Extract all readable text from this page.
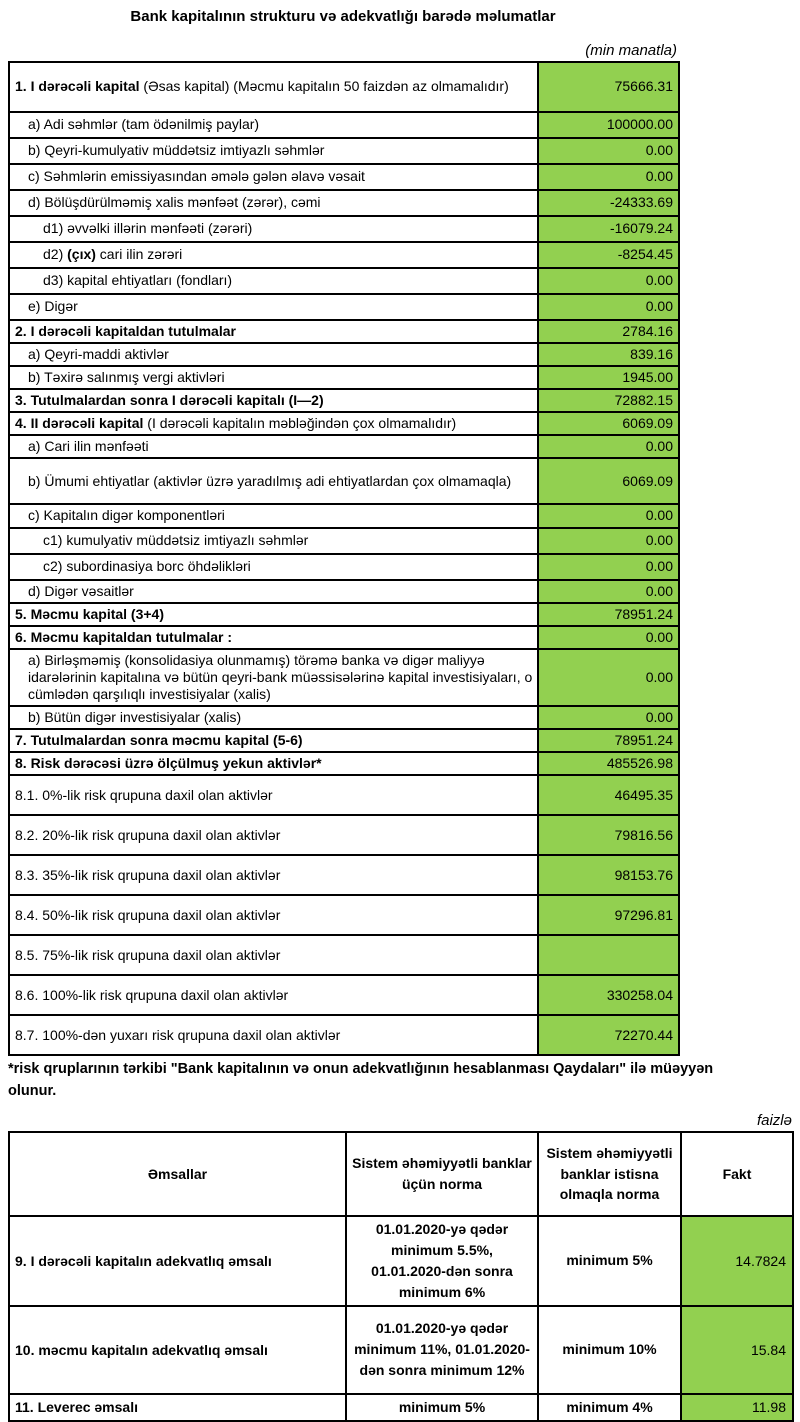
Bank kapitalının strukturu və adekvatlığı barədə məlumatlar
(min manatla)
1. I dərəcəli kapital (Əsas kapital) (Məcmu kapitalın 50 faizdən az olmamalıdır)	75666.31
a) Adi səhmlər (tam ödənilmiş paylar)	100000.00
b) Qeyri-kumulyativ müddətsiz imtiyazlı səhmlər	0.00
c) Səhmlərin emissiyasından əmələ gələn əlavə vəsait	0.00
d) Bölüşdürülməmiş xalis mənfəət (zərər), cəmi	-24333.69
d1) əvvəlki illərin mənfəəti (zərəri)	-16079.24
d2) (çıx) cari ilin zərəri	-8254.45
d3) kapital ehtiyatları (fondları)	0.00
e) Digər	0.00
2. I dərəcəli kapitaldan tutulmalar	2784.16
a) Qeyri-maddi aktivlər	839.16
b) Təxirə salınmış vergi aktivləri	1945.00
3. Tutulmalardan sonra I dərəcəli kapitalı (I—2)	72882.15
4. II dərəcəli kapital (I dərəcəli kapitalın məbləğindən çox olmamalıdır)	6069.09
a) Cari ilin mənfəəti	0.00
b) Ümumi ehtiyatlar (aktivlər üzrə yaradılmış adi ehtiyatlardan çox olmamaqla)	6069.09
c) Kapitalın digər komponentləri	0.00
c1) kumulyativ müddətsiz imtiyazlı səhmlər	0.00
c2) subordinasiya borc öhdəlikləri	0.00
d) Digər vəsaitlər	0.00
5. Məcmu kapital (3+4)	78951.24
6. Məcmu kapitaldan tutulmalar :	0.00
a) Birləşməmiş (konsolidasiya olunmamış) törəmə banka və digər maliyyə idarələrinin kapitalına və bütün qeyri-bank müəssisələrinə kapital investisiyaları, o cümlədən qarşılıqlı investisiyalar (xalis)	0.00
b) Bütün digər investisiyalar (xalis)	0.00
7. Tutulmalardan sonra məcmu kapital (5-6)	78951.24
8. Risk dərəcəsi üzrə ölçülmuş yekun aktivlər*	485526.98
8.1. 0%-lik risk qrupuna daxil olan aktivlər	46495.35
8.2. 20%-lik risk qrupuna daxil olan aktivlər	79816.56
8.3. 35%-lik risk qrupuna daxil olan aktivlər	98153.76
8.4. 50%-lik risk qrupuna daxil olan aktivlər	97296.81
8.5. 75%-lik risk qrupuna daxil olan aktivlər	
8.6. 100%-lik risk qrupuna daxil olan aktivlər	330258.04
8.7. 100%-dən yuxarı risk qrupuna daxil olan aktivlər	72270.44
*risk qruplarının tərkibi "Bank kapitalının və onun adekvatlığının hesablanması Qaydaları" ilə müəyyən olunur.
faizlə
Əmsallar	Sistem əhəmiyyətli banklar üçün norma	Sistem əhəmiyyətli banklar istisna olmaqla norma	Fakt
9. I dərəcəli kapitalın adekvatlıq əmsalı	01.01.2020-yə qədər minimum 5.5%, 01.01.2020-dən sonra minimum 6%	minimum 5%	14.7824
10. məcmu kapitalın adekvatlıq əmsalı	01.01.2020-yə qədər minimum 11%, 01.01.2020-dən sonra minimum 12%	minimum 10%	15.84
11. Leverec əmsalı	minimum 5%	minimum 4%	11.98
